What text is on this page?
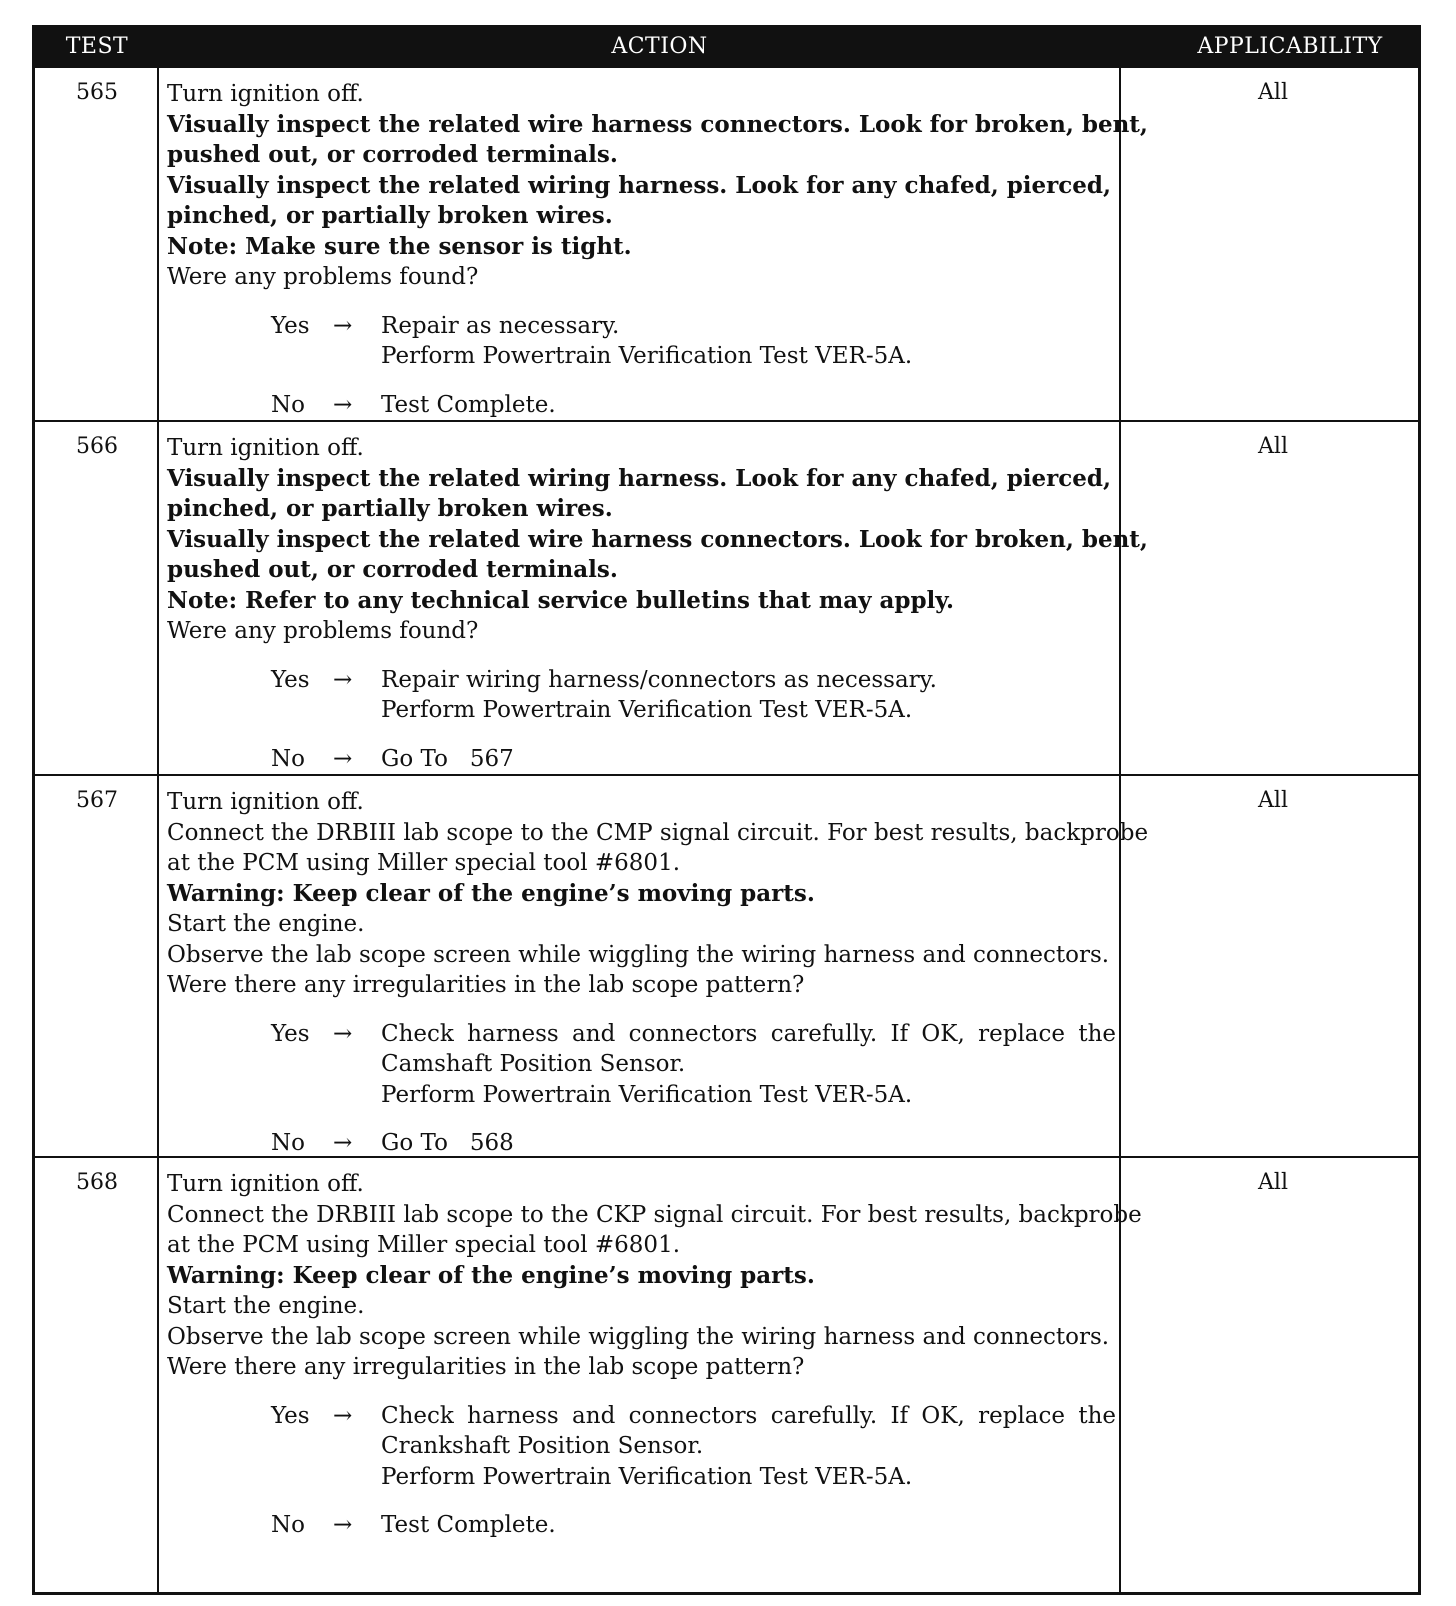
TEST	ACTION	APPLICABILITY
565	Turn ignition off.
Visually inspect the related wire harness connectors. Look for broken, bent,
pushed out, or corroded terminals.
Visually inspect the related wiring harness. Look for any chafed, pierced,
pinched, or partially broken wires.
Note: Make sure the sensor is tight.
Were any problems found?
Yes → Repair as necessary.
Perform Powertrain Verification Test VER-5A.
No → Test Complete.
All
566	Turn ignition off.
Visually inspect the related wiring harness. Look for any chafed, pierced,
pinched, or partially broken wires.
Visually inspect the related wire harness connectors. Look for broken, bent,
pushed out, or corroded terminals.
Note: Refer to any technical service bulletins that may apply.
Were any problems found?
Yes → Repair wiring harness/connectors as necessary.
Perform Powertrain Verification Test VER-5A.
No → Go To   567
All
567	Turn ignition off.
Connect the DRBIII lab scope to the CMP signal circuit. For best results, backprobe
at the PCM using Miller special tool #6801.
Warning: Keep clear of the engine’s moving parts.
Start the engine.
Observe the lab scope screen while wiggling the wiring harness and connectors.
Were there any irregularities in the lab scope pattern?
Yes → Check harness and connectors carefully. If OK, replace the
Camshaft Position Sensor.
Perform Powertrain Verification Test VER-5A.
No → Go To   568
All
568	Turn ignition off.
Connect the DRBIII lab scope to the CKP signal circuit. For best results, backprobe
at the PCM using Miller special tool #6801.
Warning: Keep clear of the engine’s moving parts.
Start the engine.
Observe the lab scope screen while wiggling the wiring harness and connectors.
Were there any irregularities in the lab scope pattern?
Yes → Check harness and connectors carefully. If OK, replace the
Crankshaft Position Sensor.
Perform Powertrain Verification Test VER-5A.
No → Test Complete.
All
